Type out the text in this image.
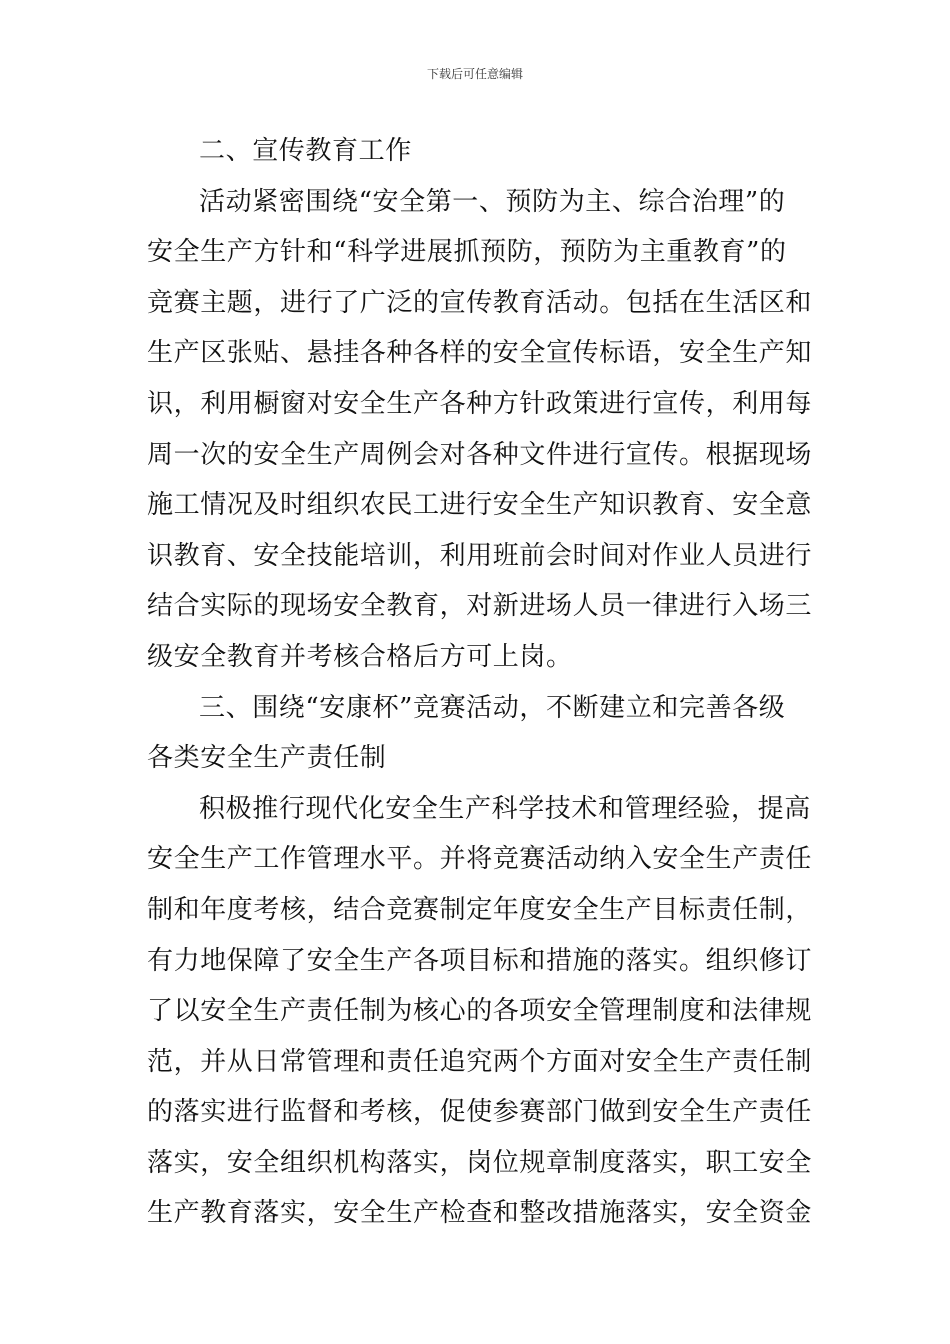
下载后可任意编辑

二、宣传教育工作

活动紧密围绕“安全第一、预防为主、综合治理”的
安全生产方针和“科学进展抓预防，预防为主重教育”的
竞赛主题，进行了广泛的宣传教育活动。包括在生活区和
生产区张贴、悬挂各种各样的安全宣传标语，安全生产知
识，利用橱窗对安全生产各种方针政策进行宣传，利用每
周一次的安全生产周例会对各种文件进行宣传。根据现场
施工情况及时组织农民工进行安全生产知识教育、安全意
识教育、安全技能培训，利用班前会时间对作业人员进行
结合实际的现场安全教育，对新进场人员一律进行入场三
级安全教育并考核合格后方可上岗。

三、围绕“安康杯”竞赛活动，不断建立和完善各级
各类安全生产责任制

积极推行现代化安全生产科学技术和管理经验，提高
安全生产工作管理水平。并将竞赛活动纳入安全生产责任
制和年度考核，结合竞赛制定年度安全生产目标责任制，
有力地保障了安全生产各项目标和措施的落实。组织修订
了以安全生产责任制为核心的各项安全管理制度和法律规
范，并从日常管理和责任追究两个方面对安全生产责任制
的落实进行监督和考核，促使参赛部门做到安全生产责任
落实，安全组织机构落实，岗位规章制度落实，职工安全
生产教育落实，安全生产检查和整改措施落实，安全资金
